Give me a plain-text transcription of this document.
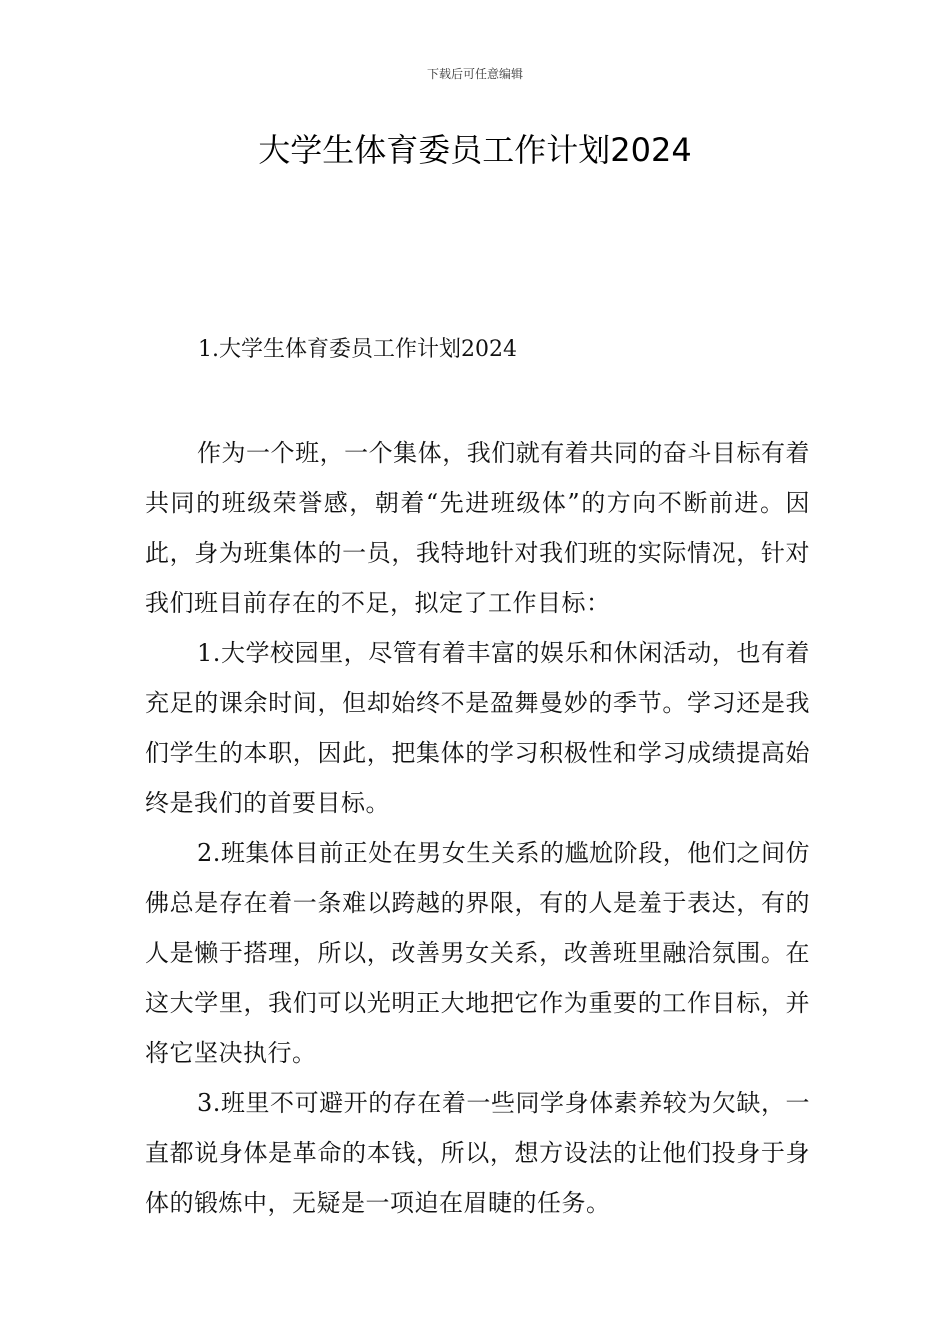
下载后可任意编辑
大学生体育委员工作计划2024
1.大学生体育委员工作计划2024

作为一个班，一个集体，我们就有着共同的奋斗目标有着共同的班级荣誉感，朝着“先进班级体”的方向不断前进。因此，身为班集体的一员，我特地针对我们班的实际情况，针对我们班目前存在的不足，拟定了工作目标：

1.大学校园里，尽管有着丰富的娱乐和休闲活动，也有着充足的课余时间，但却始终不是盈舞曼妙的季节。学习还是我们学生的本职，因此，把集体的学习积极性和学习成绩提高始终是我们的首要目标。

2.班集体目前正处在男女生关系的尴尬阶段，他们之间仿佛总是存在着一条难以跨越的界限，有的人是羞于表达，有的人是懒于搭理，所以，改善男女关系，改善班里融洽氛围。在这大学里，我们可以光明正大地把它作为重要的工作目标，并将它坚决执行。

3.班里不可避开的存在着一些同学身体素养较为欠缺，一直都说身体是革命的本钱，所以，想方设法的让他们投身于身体的锻炼中，无疑是一项迫在眉睫的任务。
